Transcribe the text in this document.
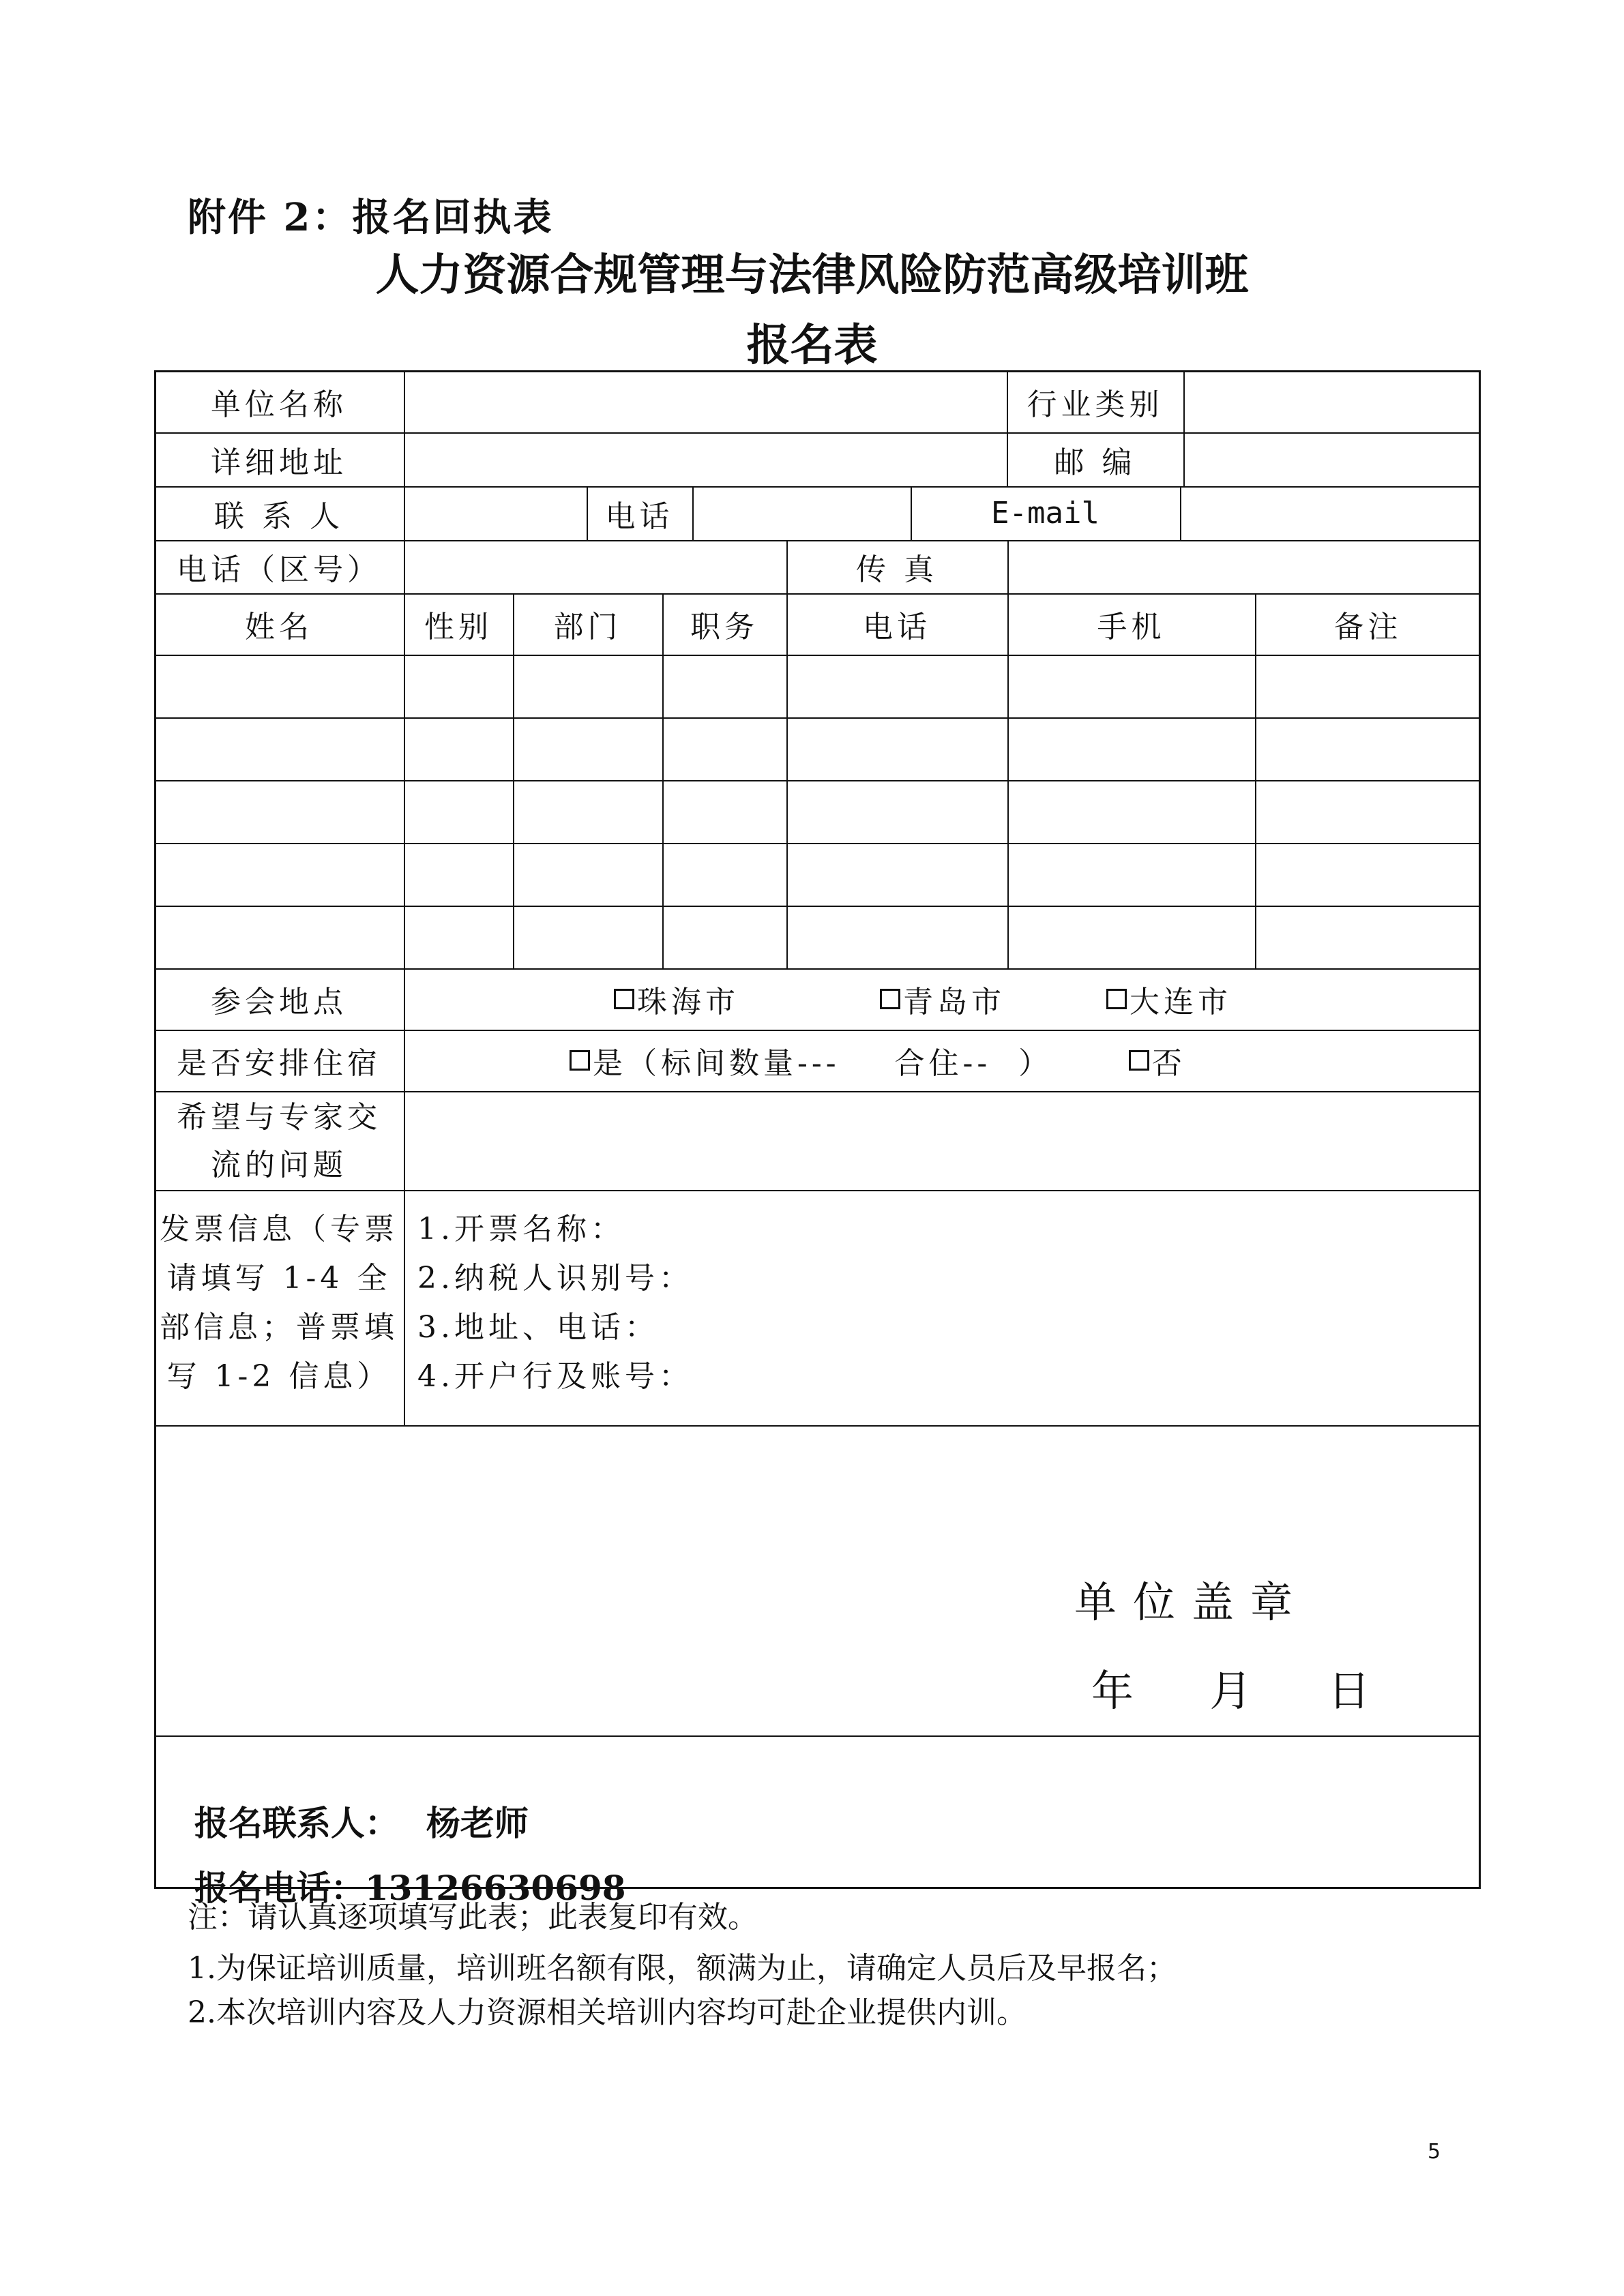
附件 2：报名回执表
人力资源合规管理与法律风险防范高级培训班
报名表
单位名称	行业类别
详细地址	邮 编
联 系 人	电话	E-mail
电话（区号）	传 真
姓名	性别	部门	职务	电话	手机	备注
参会地点	珠海市	青岛市	大连市
是否安排住宿	是（标间数量---    合住--  ）	否
希望与专家交
流的问题
发票信息（专票
请填写 1-4 全
部信息；普票填
写 1-2 信息）
1.开票名称：
2.纳税人识别号：
3.地址、电话：
4.开户行及账号：
单位盖章
年  月  日

报名联系人： 杨老师

报名电话：13126630698

注：请认真逐项填写此表；此表复印有效。
1.为保证培训质量，培训班名额有限，额满为止，请确定人员后及早报名；
2.本次培训内容及人力资源相关培训内容均可赴企业提供内训。
5
